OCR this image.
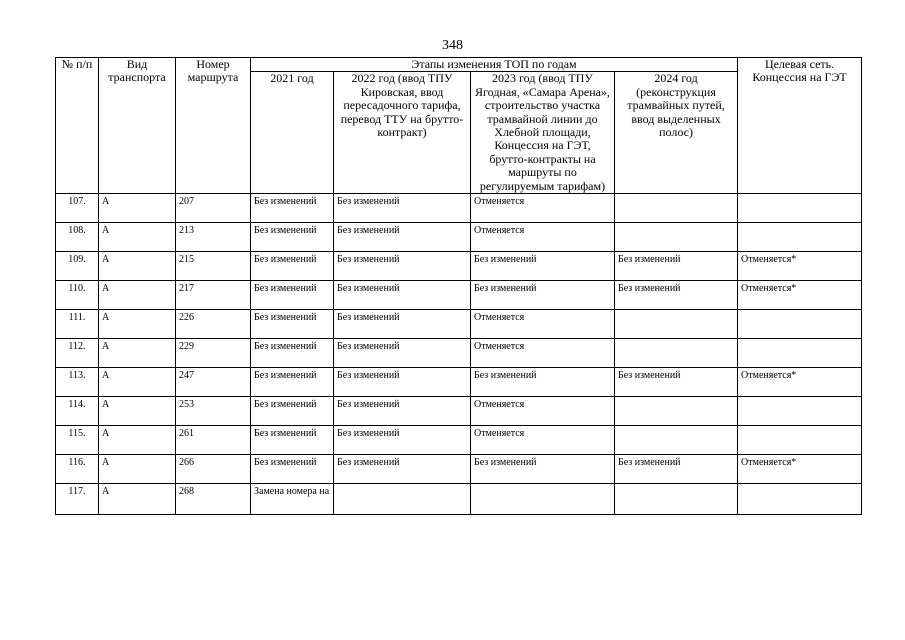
348
№ п/п	Вид транспорта	Номер маршрута	Этапы изменения ТОП по годам				Целевая сеть. Концессия на ГЭТ
			2021 год	2022 год (ввод ТПУ Кировская, ввод пересадочного тарифа, перевод ТТУ на брутто-контракт)	2023 год (ввод ТПУ Ягодная, «Самара Арена», строительство участка трамвайной линии до Хлебной площади, Концессия на ГЭТ, брутто-контракты на маршруты по регулируемым тарифам)	2024 год (реконструкция трамвайных путей, ввод выделенных полос)	
107.	А	207	Без изменений	Без изменений	Отменяется		
108.	А	213	Без изменений	Без изменений	Отменяется		
109.	А	215	Без изменений	Без изменений	Без изменений	Без изменений	Отменяется*
110.	А	217	Без изменений	Без изменений	Без изменений	Без изменений	Отменяется*
111.	А	226	Без изменений	Без изменений	Отменяется		
112.	А	229	Без изменений	Без изменений	Отменяется		
113.	А	247	Без изменений	Без изменений	Без изменений	Без изменений	Отменяется*
114.	А	253	Без изменений	Без изменений	Отменяется		
115.	А	261	Без изменений	Без изменений	Отменяется		
116.	А	266	Без изменений	Без изменений	Без изменений	Без изменений	Отменяется*
117.	А	268	Замена номера на				
